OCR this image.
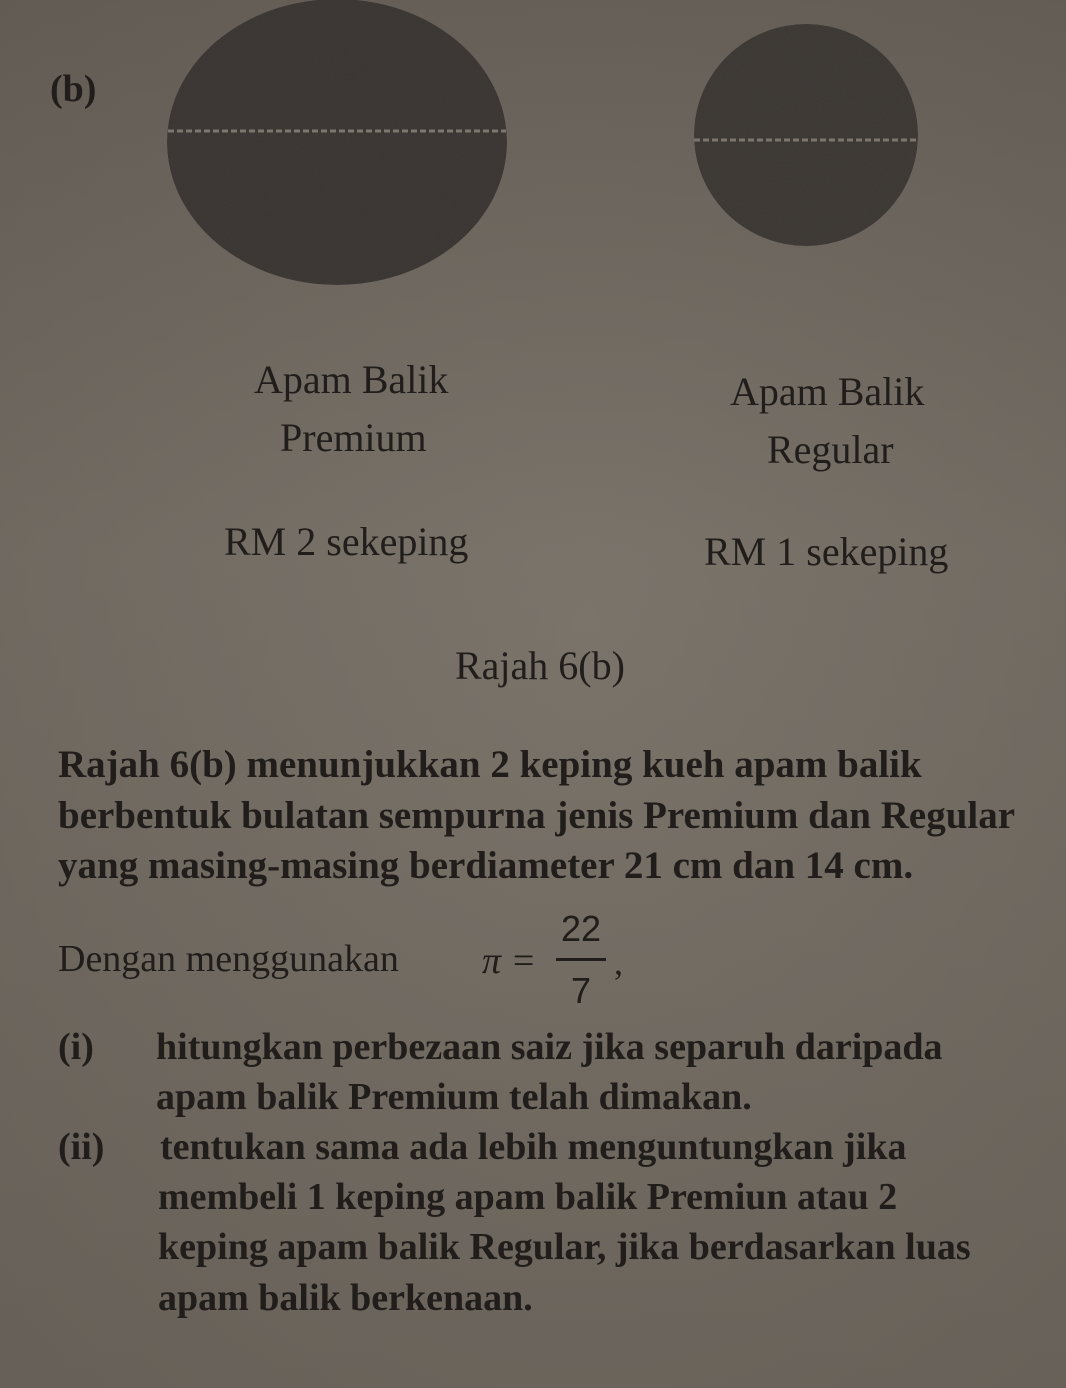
(b)
Apam Balik
Premium
RM 2 sekeping
Apam Balik
Regular
RM 1 sekeping
Rajah 6(b)
Rajah 6(b) menunjukkan 2 keping kueh apam balik
berbentuk bulatan sempurna jenis Premium dan Regular
yang masing-masing berdiameter 21 cm dan 14 cm.
Dengan menggunakan π =
22
7
,
(i) hitungkan perbezaan saiz jika separuh daripada
apam balik Premium telah dimakan.
(ii) tentukan sama ada lebih menguntungkan jika
membeli 1 keping apam balik Premiun atau 2
keping apam balik Regular, jika berdasarkan luas
apam balik berkenaan.
